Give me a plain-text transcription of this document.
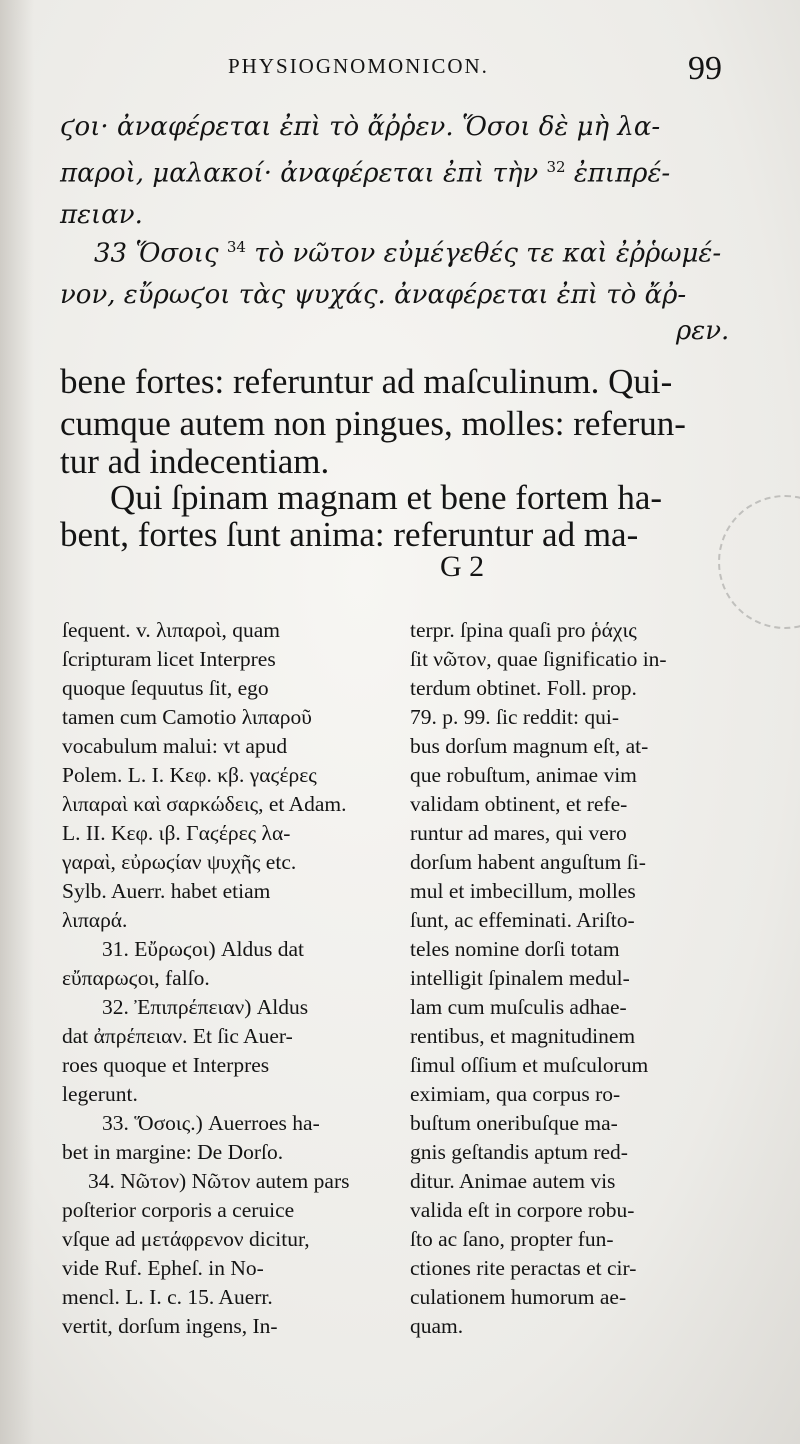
PHYSIOGNOMONICON.	99
ϛοι· ἀναφέρεται ἐπὶ τὸ ἄῤῥεν. Ὅσοι δὲ μὴ λα-
παροὶ, μαλακοί· ἀναφέρεται ἐπὶ τὴν $^{32}$ ἐπιπρέ-
πειαν.
33 Ὅσοις $^{34}$ τὸ νῶτον εὐμέγεθές τε καὶ ἐῤῥωμέ-
νον, εὔρωϛοι τὰς ψυχάς. ἀναφέρεται ἐπὶ τὸ ἄῤ-
ρεν.
bene fortes: referuntur ad maſculinum. Qui-
cumque autem non pingues, molles: referun-
tur ad indecentiam.
Qui ſpinam magnam et bene fortem ha-
bent, fortes ſunt anima: referuntur ad ma-
G 2
ſequent. v. λιπαροὶ, quam
ſcripturam licet Interpres
quoque ſequutus ſit, ego
tamen cum Camotio λιπαροῦ
vocabulum malui: vt apud
Polem. L. I. Κεφ. κβ. γαϛέρες
λιπαραὶ καὶ σαρκώδεις, et Adam.
L. II. Κεφ. ιβ. Γαϛέρες λα-
γαραὶ, εὐρωϛίαν ψυχῆς etc.
Sylb. Auerr. habet etiam
λιπαρά.
31. Εὔρωϛοι) Aldus dat
εὔπαρωϛοι, falſo.
32. Ἐπιπρέπειαν) Aldus
dat ἀπρέπειαν. Et ſic Auer-
roes quoque et Interpres
legerunt.
33. Ὅσοις.) Auerroes ha-
bet in margine: De Dorſo.
34. Νῶτον) Νῶτον autem pars
poſterior corporis a ceruice
vſque ad μετάφρενον dicitur,
vide Ruf. Epheſ. in No-
mencl. L. I. c. 15. Auerr.
vertit, dorſum ingens, In-
terpr. ſpina quaſi pro ῥάχις
ſit νῶτον, quae ſignificatio in-
terdum obtinet. Foll. prop.
79. p. 99. ſic reddit: qui-
bus dorſum magnum eſt, at-
que robuſtum, animae vim
validam obtinent, et refe-
runtur ad mares, qui vero
dorſum habent anguſtum ſi-
mul et imbecillum, molles
ſunt, ac effeminati. Ariſto-
teles nomine dorſi totam
intelligit ſpinalem medul-
lam cum muſculis adhae-
rentibus, et magnitudinem
ſimul oſſium et muſculorum
eximiam, qua corpus ro-
buſtum oneribuſque ma-
gnis geſtandis aptum red-
ditur. Animae autem vis
valida eſt in corpore robu-
ſto ac ſano, propter fun-
ctiones rite peractas et cir-
culationem humorum ae-
quam.
